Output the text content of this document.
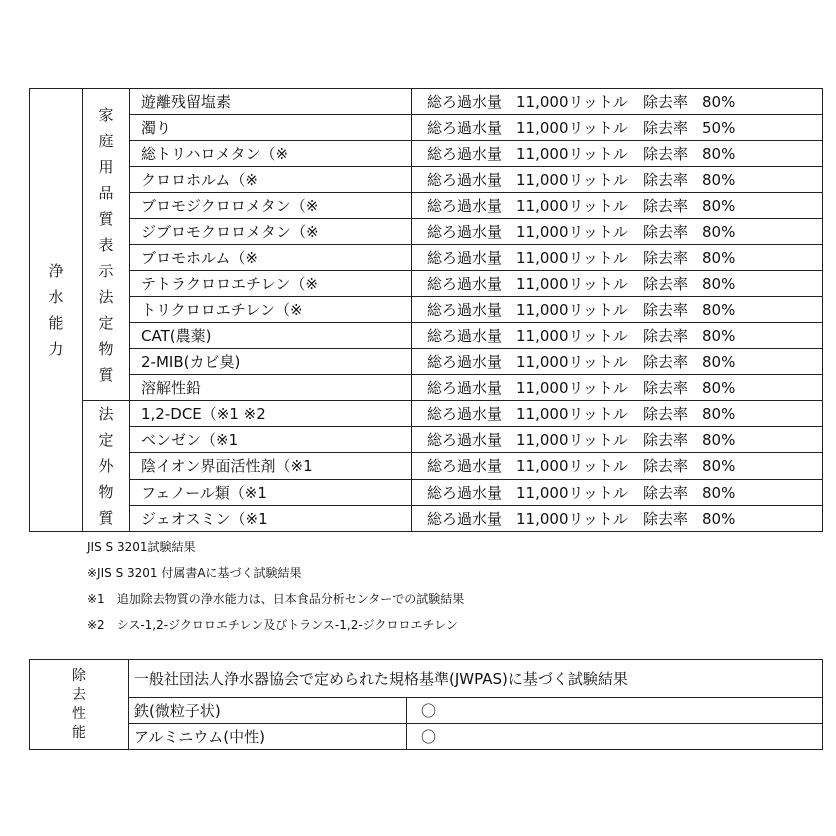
浄水能力	家庭用品質表示法定物質	遊離残留塩素	総ろ過水量 11,000リットル 除去率 80%
		濁り	総ろ過水量 11,000リットル 除去率 50%
		総トリハロメタン（※	総ろ過水量 11,000リットル 除去率 80%
		クロロホルム（※	総ろ過水量 11,000リットル 除去率 80%
		ブロモジクロロメタン（※	総ろ過水量 11,000リットル 除去率 80%
		ジブロモクロロメタン（※	総ろ過水量 11,000リットル 除去率 80%
		ブロモホルム（※	総ろ過水量 11,000リットル 除去率 80%
		テトラクロロエチレン（※	総ろ過水量 11,000リットル 除去率 80%
		トリクロロエチレン（※	総ろ過水量 11,000リットル 除去率 80%
		CAT(農薬)	総ろ過水量 11,000リットル 除去率 80%
		2-MIB(カビ臭)	総ろ過水量 11,000リットル 除去率 80%
		溶解性鉛	総ろ過水量 11,000リットル 除去率 80%
	法定外物質	1,2-DCE（※1 ※2	総ろ過水量 11,000リットル 除去率 80%
		ベンゼン（※1	総ろ過水量 11,000リットル 除去率 80%
		陰イオン界面活性剤（※1	総ろ過水量 11,000リットル 除去率 80%
		フェノール類（※1	総ろ過水量 11,000リットル 除去率 80%
		ジェオスミン（※1	総ろ過水量 11,000リットル 除去率 80%
JIS S 3201試験結果
※JIS S 3201 付属書Aに基づく試験結果
※1　追加除去物質の浄水能力は、日本食品分析センターでの試験結果
※2　シス-1,2-ジクロロエチレン及びトランス-1,2-ジクロロエチレン
除去性能	一般社団法人浄水器協会で定められた規格基準(JWPAS)に基づく試験結果	
	鉄(微粒子状)	〇
	アルミニウム(中性)	〇
